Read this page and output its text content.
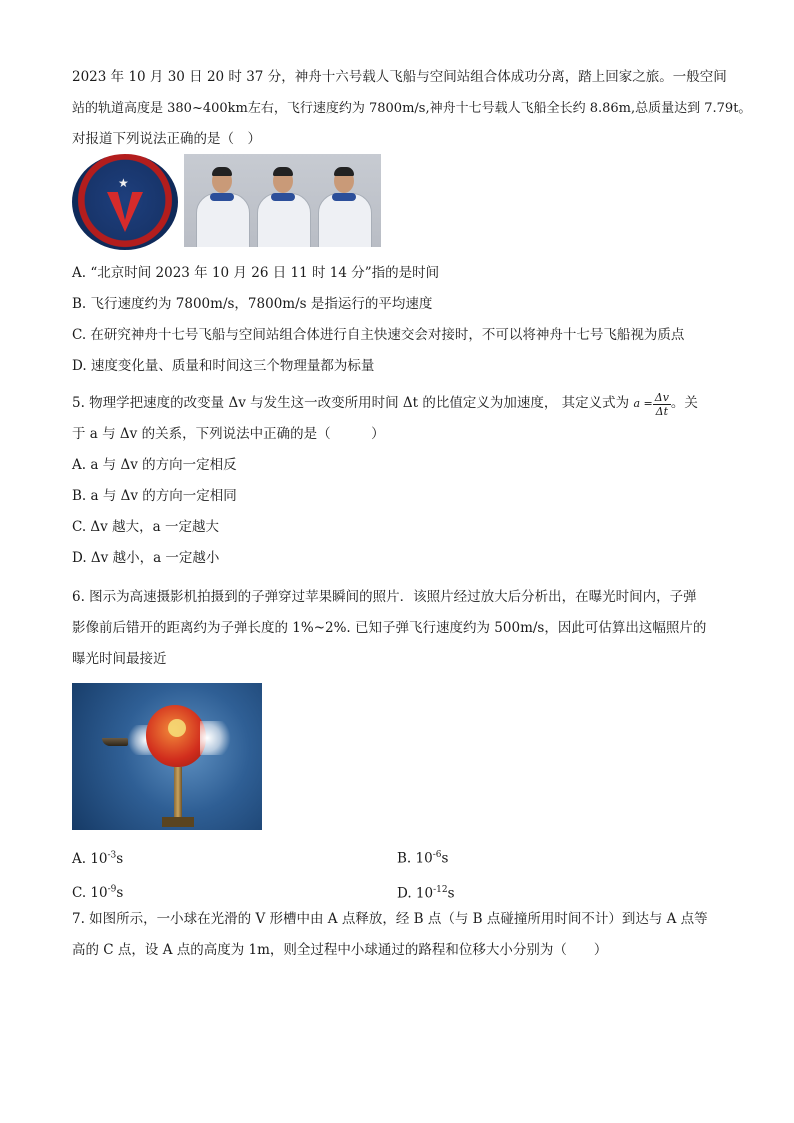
2023 年 10 月 30 日 20 时 37 分，神舟十六号载人飞船与空间站组合体成功分离，踏上回家之旅。一般空间
站的轨道高度是 380~400km左右，飞行速度约为 7800m/s,神舟十七号载人飞船全长约 8.86m,总质量达到 7.79t。
对报道下列说法正确的是（　）
★
A. “北京时间 2023 年 10 月 26 日 11 时 14 分”指的是时间
B. 飞行速度约为 7800m/s，7800m/s 是指运行的平均速度
C. 在研究神舟十七号飞船与空间站组合体进行自主快速交会对接时，不可以将神舟十七号飞船视为质点
D. 速度变化量、质量和时间这三个物理量都为标量
5. 物理学把速度的改变量 Δv 与发生这一改变所用时间 Δt 的比值定义为加速度， 其定义式为 $a = \frac{\Delta v}{\Delta t}$ 。关
于 a 与 Δv 的关系，下列说法中正确的是（　　　）
A. a 与 Δv 的方向一定相反
B. a 与 Δv 的方向一定相同
C. Δv 越大，a 一定越大
D. Δv 越小，a 一定越小
6. 图示为高速摄影机拍摄到的子弹穿过苹果瞬间的照片．该照片经过放大后分析出，在曝光时间内，子弹
影像前后错开的距离约为子弹长度的 1%~2%. 已知子弹飞行速度约为 500m/s，因此可估算出这幅照片的
曝光时间最接近
A. $10^{-3}s$	B. $10^{-6}s$
C. $10^{-9}s$	D. $10^{-12}s$
7. 如图所示，一小球在光滑的 V 形槽中由 A 点释放，经 B 点（与 B 点碰撞所用时间不计）到达与 A 点等
高的 C 点，设 A 点的高度为 1m，则全过程中小球通过的路程和位移大小分别为（　　）
